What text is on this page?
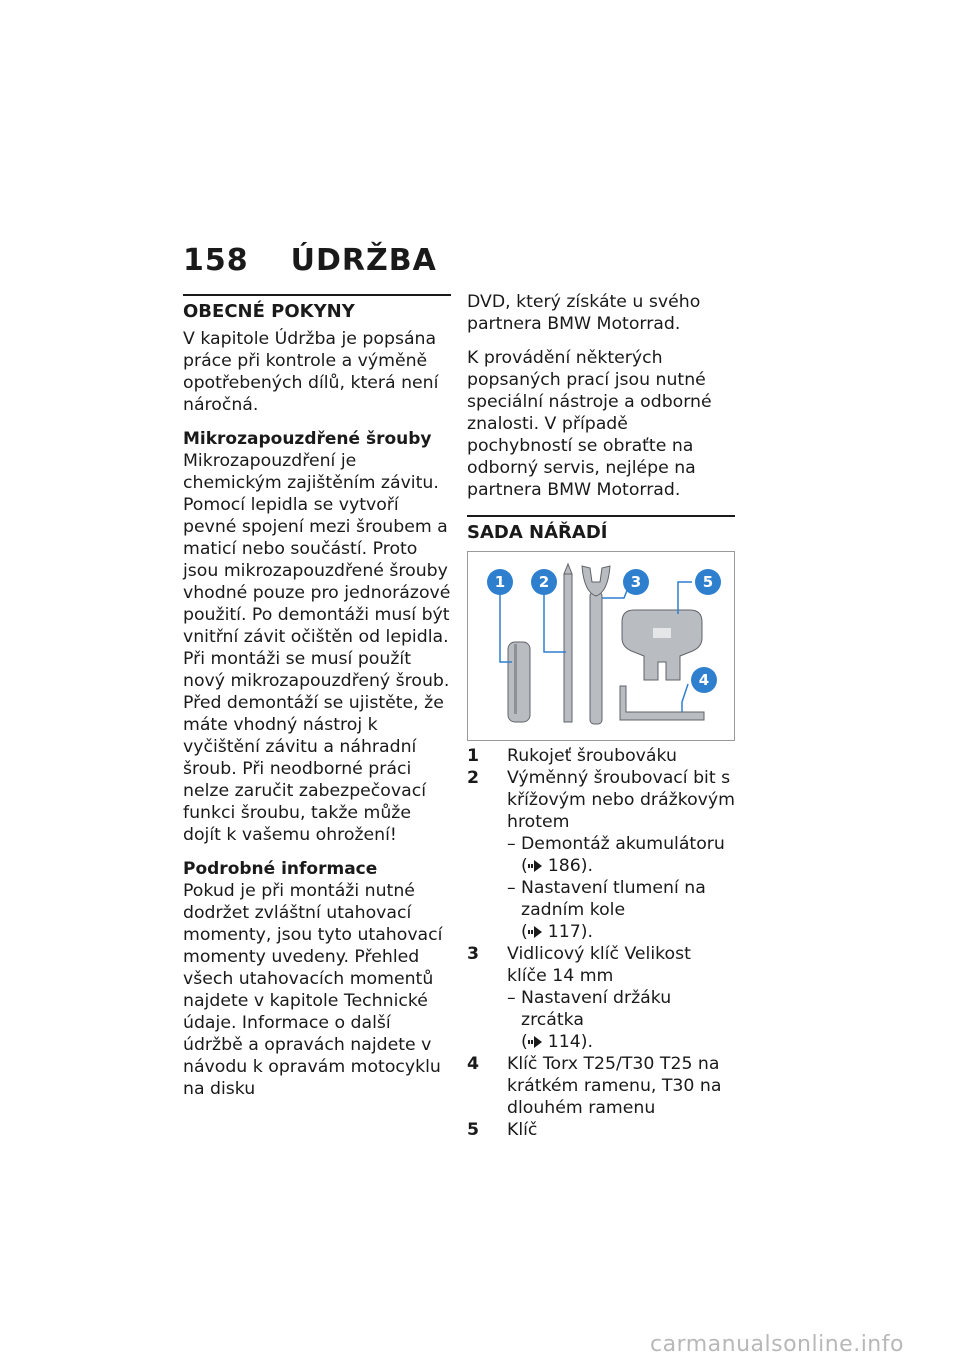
158 ÚDRŽBA
OBECNÉ POKYNY

V kapitole Údržba je popsána práce při kontrole a výměně opotřebených dílů, která není náročná.

Mikrozapouzdřené šrouby

Mikrozapouzdření je chemickým zajištěním závitu. Pomocí lepidla se vytvoří pevné spojení mezi šroubem a maticí nebo součástí. Proto jsou mikrozapouzdřené šrouby vhodné pouze pro jednorázové použití. Po demontáži musí být vnitřní závit očištěn od lepidla. Při montáži se musí použít nový mikrozapouzdřený šroub. Před demontáží se ujistěte, že máte vhodný nástroj k vyčištění závitu a náhradní šroub. Při neodborné práci nelze zaručit zabezpečovací funkci šroubu, takže může dojít k vašemu ohrožení!

Podrobné informace

Pokud je při montáži nutné dodržet zvláštní utahovací momenty, jsou tyto utahovací momenty uvedeny. Přehled všech utahovacích momentů najdete v kapitole Technické údaje. Informace o další údržbě a opravách najdete v návodu k opravám motocyklu na disku

DVD, který získáte u svého partnera BMW Motorrad.

K provádění některých popsaných prací jsou nutné speciální nástroje a odborné znalosti. V případě pochybností se obraťte na odborný servis, nejlépe na partnera BMW Motorrad.

SADA NÁŘADÍ
1 2	3	5
4
1	Rukojeť šroubováku
2	Výměnný šroubovací bit s křížovým nebo drážkovým hrotem
– Demontáž akumulátoru
( 186).
– Nastavení tlumení na zadním kole
( 117).
3	Vidlicový klíč Velikost klíče 14 mm
– Nastavení držáku zrcátka
( 114).
4	Klíč Torx T25/T30 T25 na krátkém ramenu, T30 na dlouhém ramenu
5	Klíč
carmanualsonline.info
